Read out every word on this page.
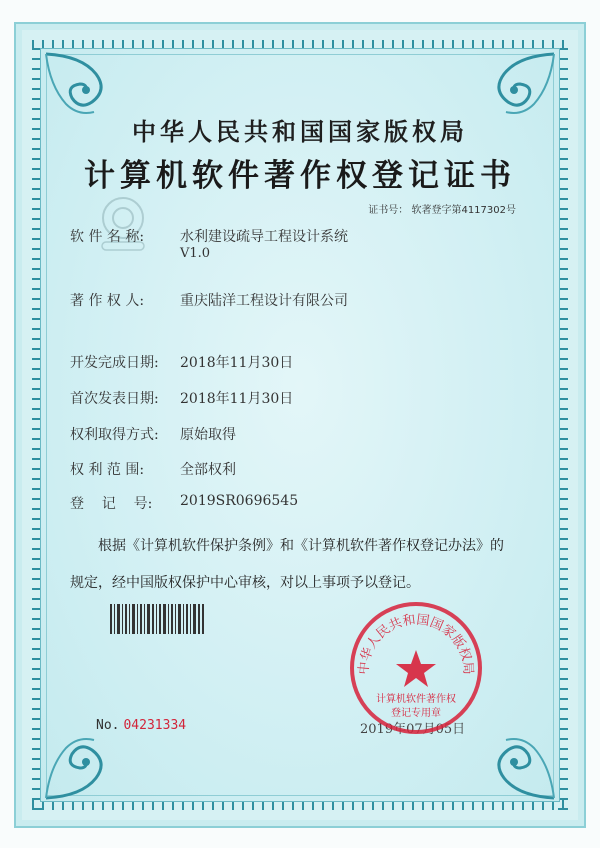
中华人民共和国国家版权局
计算机软件著作权登记证书
证书号： 软著登字第4117302号
软 件 名 称:	水利建设疏导工程设计系统
V1.0
著 作 权 人:	重庆陆洋工程设计有限公司
开发完成日期:	2018年11月30日
首次发表日期:	2018年11月30日
权利取得方式:	原始取得
权 利 范 围:	全部权利
登    记    号:	2019SR0696545
根据《计算机软件保护条例》和《计算机软件著作权登记办法》的
规定，经中国版权保护中心审核，对以上事项予以登记。
No. 04231334	2019年07月05日
中华人民共和国国家版权局
计算机软件著作权
登记专用章
